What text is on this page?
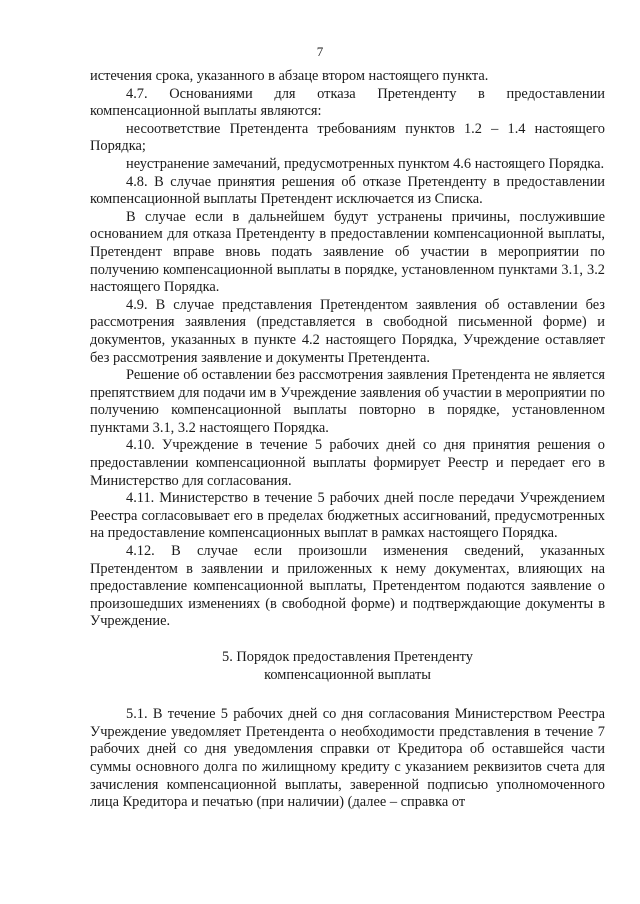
7

истечения срока, указанного в абзаце втором настоящего пункта.

4.7. Основаниями для отказа Претенденту в предоставлении компенсационной выплаты являются:

несоответствие Претендента требованиям пунктов 1.2 – 1.4 настоящего Порядка;

неустранение замечаний, предусмотренных пунктом 4.6 настоящего Порядка.

4.8. В случае принятия решения об отказе Претенденту в предоставлении компенсационной выплаты Претендент исключается из Списка.

В случае если в дальнейшем будут устранены причины, послужившие основанием для отказа Претенденту в предоставлении компенсационной выплаты, Претендент вправе вновь подать заявление об участии в мероприятии по получению компенсационной выплаты в порядке, установленном пунктами 3.1, 3.2 настоящего Порядка.

4.9. В случае представления Претендентом заявления об оставлении без рассмотрения заявления (представляется в свободной письменной форме) и документов, указанных в пункте 4.2 настоящего Порядка, Учреждение оставляет без рассмотрения заявление и документы Претендента.

Решение об оставлении без рассмотрения заявления Претендента не является препятствием для подачи им в Учреждение заявления об участии в мероприятии по получению компенсационной выплаты повторно в порядке, установленном пунктами 3.1, 3.2 настоящего Порядка.

4.10. Учреждение в течение 5 рабочих дней со дня принятия решения о предоставлении компенсационной выплаты формирует Реестр и передает его в Министерство для согласования.

4.11. Министерство в течение 5 рабочих дней после передачи Учреждением Реестра согласовывает его в пределах бюджетных ассигнований, предусмотренных на предоставление компенсационных выплат в рамках настоящего Порядка.

4.12. В случае если произошли изменения сведений, указанных Претендентом в заявлении и приложенных к нему документах, влияющих на предоставление компенсационной выплаты, Претендентом подаются заявление о произошедших изменениях (в свободной форме) и подтверждающие документы в Учреждение.

5. Порядок предоставления Претенденту
компенсационной выплаты

5.1. В течение 5 рабочих дней со дня согласования Министерством Реестра Учреждение уведомляет Претендента о необходимости представления в течение 7 рабочих дней со дня уведомления справки от Кредитора об оставшейся части суммы основного долга по жилищному кредиту с указанием реквизитов счета для зачисления компенсационной выплаты, заверенной подписью уполномоченного лица Кредитора и печатью (при наличии) (далее – справка от
